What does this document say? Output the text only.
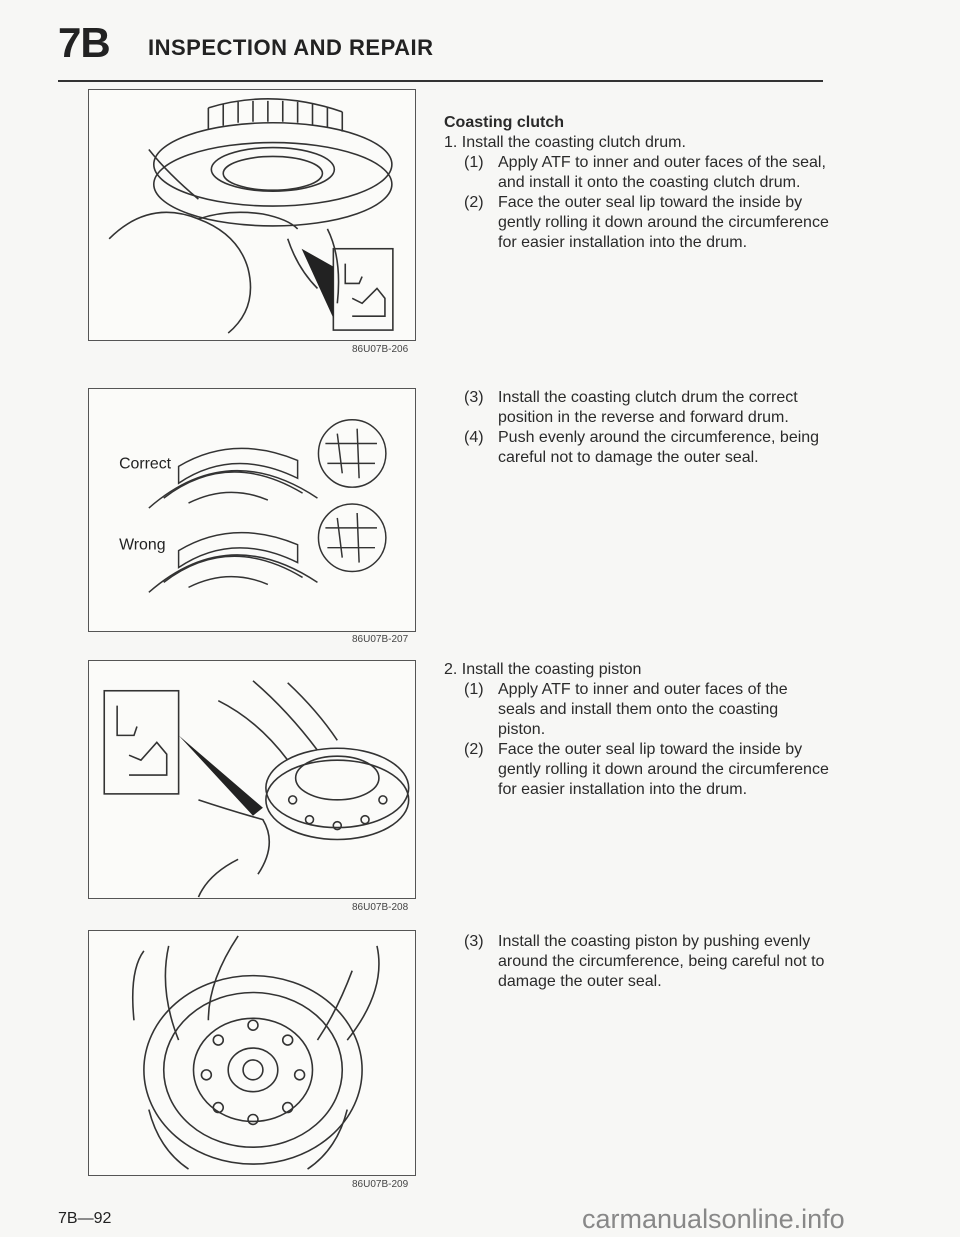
7B INSPECTION AND REPAIR
86U07B-206
Correct
Wrong
86U07B-207
86U07B-208
86U07B-209
Coasting clutch

1. Install the coasting clutch drum.

(1) Apply ATF to inner and outer faces of the seal, and install it onto the coasting clutch drum.
(2) Face the outer seal lip toward the inside by gently rolling it down around the circumference for easier installation into the drum.
(3) Install the coasting clutch drum the correct position in the reverse and forward drum.
(4) Push evenly around the circumference, being careful not to damage the outer seal.

2. Install the coasting piston

(1) Apply ATF to inner and outer faces of the seals and install them onto the coasting piston.
(2) Face the outer seal lip toward the inside by gently rolling it down around the circumference for easier installation into the drum.
(3) Install the coasting piston by pushing evenly around the circumference, being careful not to damage the outer seal.
7B—92	carmanualsonline.info
